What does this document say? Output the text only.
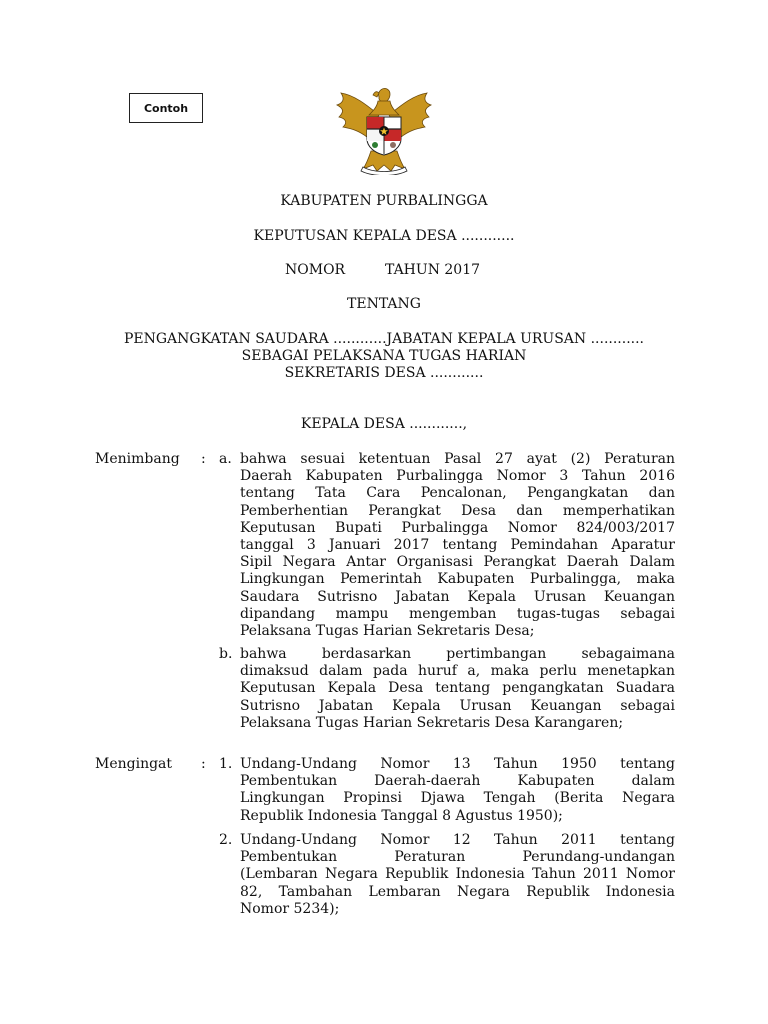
Contoh
KABUPATEN PURBALINGGA
KEPUTUSAN KEPALA DESA ............
NOMOR	TAHUN 2017
TENTANG
PENGANGKATAN SAUDARA ............JABATAN KEPALA URUSAN ............
SEBAGAI PELAKSANA TUGAS HARIAN
SEKRETARIS DESA ............
KEPALA DESA ............,
Menimbang : a. bahwa sesuai ketentuan Pasal 27 ayat (2) Peraturan
Daerah Kabupaten Purbalingga Nomor 3 Tahun 2016
tentang Tata Cara Pencalonan, Pengangkatan dan
Pemberhentian Perangkat Desa dan memperhatikan
Keputusan Bupati Purbalingga Nomor 824/003/2017
tanggal 3 Januari 2017 tentang Pemindahan Aparatur
Sipil Negara Antar Organisasi Perangkat Daerah Dalam
Lingkungan Pemerintah Kabupaten Purbalingga, maka
Saudara Sutrisno Jabatan Kepala Urusan Keuangan
dipandang mampu mengemban tugas-tugas sebagai
Pelaksana Tugas Harian Sekretaris Desa;
b. bahwa berdasarkan pertimbangan sebagaimana
dimaksud dalam pada huruf a, maka perlu menetapkan
Keputusan Kepala Desa tentang pengangkatan Suadara
Sutrisno Jabatan Kepala Urusan Keuangan sebagai
Pelaksana Tugas Harian Sekretaris Desa Karangaren;
Mengingat : 1. Undang-Undang Nomor 13 Tahun 1950 tentang
Pembentukan Daerah-daerah Kabupaten dalam
Lingkungan Propinsi Djawa Tengah (Berita Negara
Republik Indonesia Tanggal 8 Agustus 1950);
2. Undang-Undang Nomor 12 Tahun 2011 tentang
Pembentukan Peraturan Perundang-undangan
(Lembaran Negara Republik Indonesia Tahun 2011 Nomor
82, Tambahan Lembaran Negara Republik Indonesia
Nomor 5234);
